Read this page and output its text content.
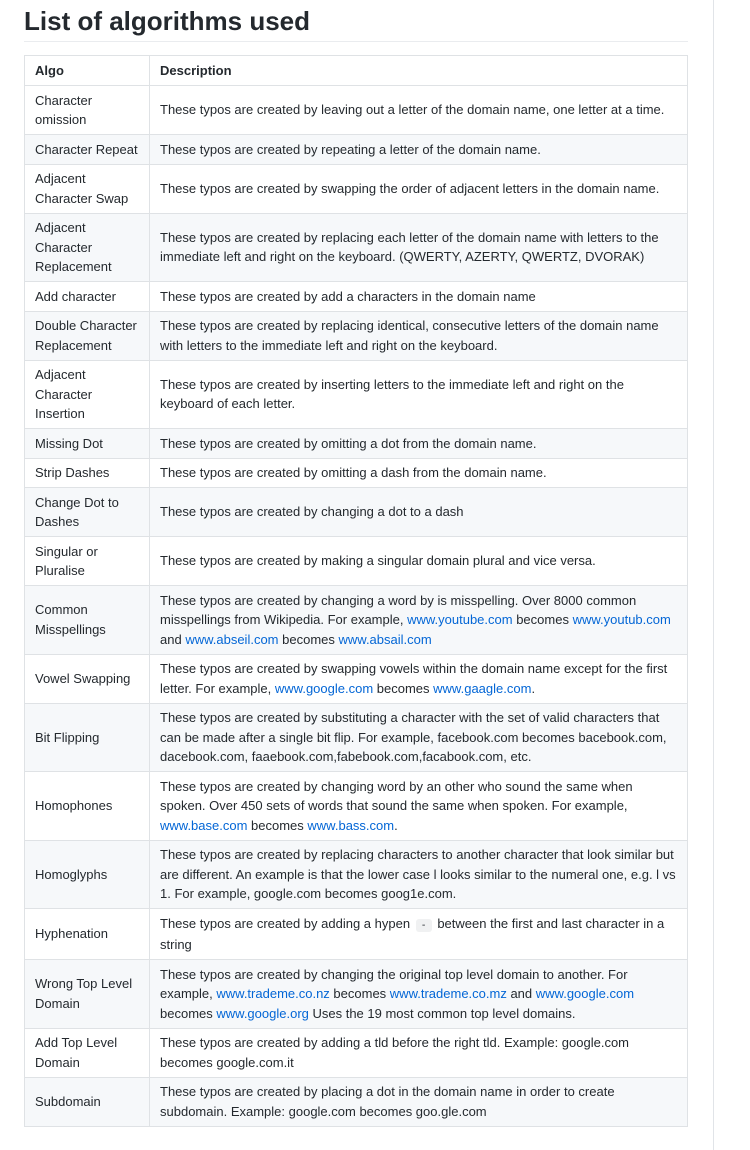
List of algorithms used
Algo	Description
Character omission	These typos are created by leaving out a letter of the domain name, one letter at a time.
Character Repeat	These typos are created by repeating a letter of the domain name.
Adjacent Character Swap	These typos are created by swapping the order of adjacent letters in the domain name.
Adjacent Character Replacement	These typos are created by replacing each letter of the domain name with letters to the immediate left and right on the keyboard. (QWERTY, AZERTY, QWERTZ, DVORAK)
Add character	These typos are created by add a characters in the domain name
Double Character Replacement	These typos are created by replacing identical, consecutive letters of the domain name with letters to the immediate left and right on the keyboard.
Adjacent Character Insertion	These typos are created by inserting letters to the immediate left and right on the keyboard of each letter.
Missing Dot	These typos are created by omitting a dot from the domain name.
Strip Dashes	These typos are created by omitting a dash from the domain name.
Change Dot to Dashes	These typos are created by changing a dot to a dash
Singular or Pluralise	These typos are created by making a singular domain plural and vice versa.
Common Misspellings	These typos are created by changing a word by is misspelling. Over 8000 common misspellings from Wikipedia. For example, www.youtube.com becomes www.youtub.com and www.abseil.com becomes www.absail.com
Vowel Swapping	These typos are created by swapping vowels within the domain name except for the first letter. For example, www.google.com becomes www.gaagle.com.
Bit Flipping	These typos are created by substituting a character with the set of valid characters that can be made after a single bit flip. For example, facebook.com becomes bacebook.com, dacebook.com, faaebook.com,fabebook.com,facabook.com, etc.
Homophones	These typos are created by changing word by an other who sound the same when spoken. Over 450 sets of words that sound the same when spoken. For example, www.base.com becomes www.bass.com.
Homoglyphs	These typos are created by replacing characters to another character that look similar but are different. An example is that the lower case l looks similar to the numeral one, e.g. l vs 1. For example, google.com becomes goog1e.com.
Hyphenation	These typos are created by adding a hypen - between the first and last character in a string
Wrong Top Level Domain	These typos are created by changing the original top level domain to another. For example, www.trademe.co.nz becomes www.trademe.co.mz and www.google.com becomes www.google.org Uses the 19 most common top level domains.
Add Top Level Domain	These typos are created by adding a tld before the right tld. Example: google.com becomes google.com.it
Subdomain	These typos are created by placing a dot in the domain name in order to create subdomain. Example: google.com becomes goo.gle.com
